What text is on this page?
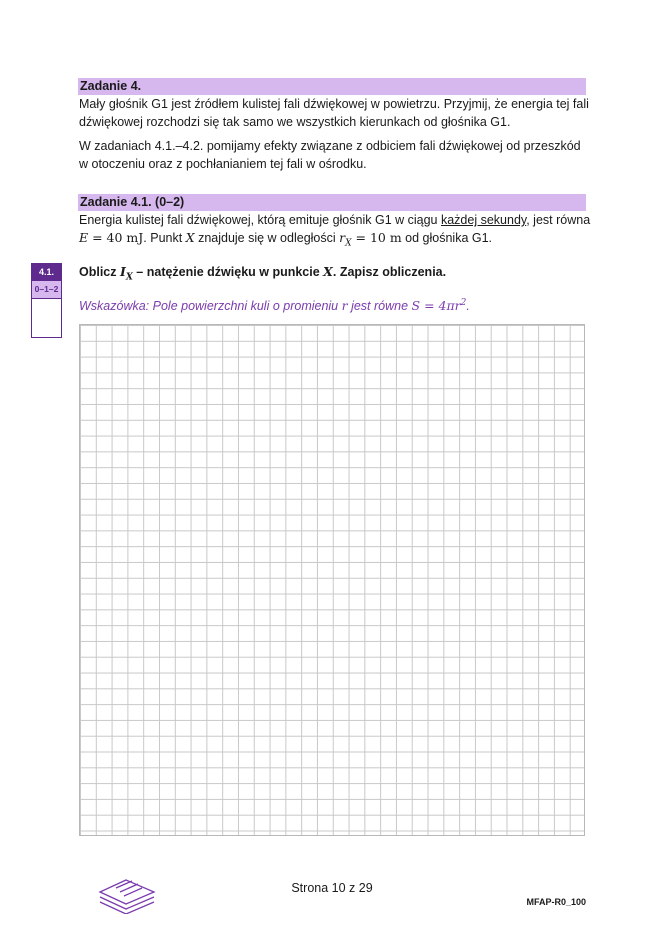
Zadanie 4.

Mały głośnik G1 jest źródłem kulistej fali dźwiękowej w powietrzu. Przyjmij, że energia tej fali

dźwiękowej rozchodzi się tak samo we wszystkich kierunkach od głośnika G1.

W zadaniach 4.1.–4.2. pomijamy efekty związane z odbiciem fali dźwiękowej od przeszkód

w otoczeniu oraz z pochłanianiem tej fali w ośrodku.

Zadanie 4.1. (0–2)

Energia kulistej fali dźwiękowej, którą emituje głośnik G1 w ciągu każdej sekundy, jest równa

E = 40 mJ. Punkt X znajduje się w odległości $r_X = 10$ m od głośnika G1.

4.1.
0–1–2
Oblicz $I_X$ – natężenie dźwięku w punkcie X. Zapisz obliczenia.
Wskazówka: Pole powierzchni kuli o promieniu r jest równe $S = 4\pi r^2$.
Strona 10 z 29
MFAP-R0_100
